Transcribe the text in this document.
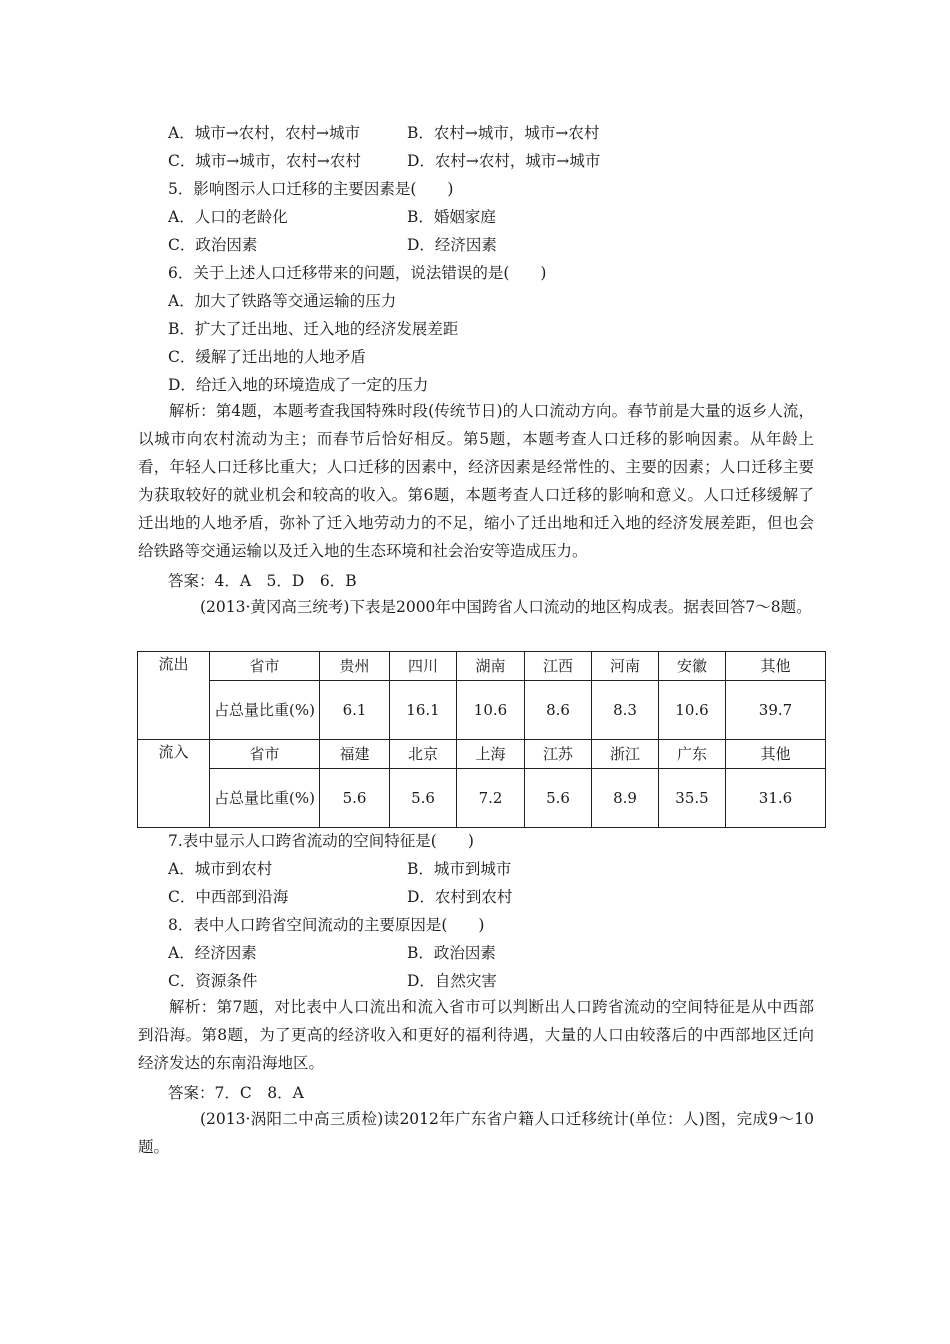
A．城市→农村，农村→城市	B．农村→城市，城市→农村
C．城市→城市，农村→农村	D．农村→农村，城市→城市
5．影响图示人口迁移的主要因素是(　　)
A．人口的老龄化	B．婚姻家庭
C．政治因素	D．经济因素
6．关于上述人口迁移带来的问题，说法错误的是(　　)
A．加大了铁路等交通运输的压力
B．扩大了迁出地、迁入地的经济发展差距
C．缓解了迁出地的人地矛盾
D．给迁入地的环境造成了一定的压力
解析：第4题，本题考查我国特殊时段(传统节日)的人口流动方向。春节前是大量的返乡人流，以城市向农村流动为主；而春节后恰好相反。第5题，本题考查人口迁移的影响因素。从年龄上看，年轻人口迁移比重大；人口迁移的因素中，经济因素是经常性的、主要的因素；人口迁移主要为获取较好的就业机会和较高的收入。第6题，本题考查人口迁移的影响和意义。人口迁移缓解了迁出地的人地矛盾，弥补了迁入地劳动力的不足，缩小了迁出地和迁入地的经济发展差距，但也会给铁路等交通运输以及迁入地的生态环境和社会治安等造成压力。
答案：4．A　5．D　6．B
(2013·黄冈高三统考)下表是2000年中国跨省人口流动的地区构成表。据表回答7～8题。
流出	省市	贵州	四川	湖南	江西	河南	安徽	其他
	占总量比重(%)	6.1	16.1	10.6	8.6	8.3	10.6	39.7
流入	省市	福建	北京	上海	江苏	浙江	广东	其他
	占总量比重(%)	5.6	5.6	7.2	5.6	8.9	35.5	31.6
7.表中显示人口跨省流动的空间特征是(　　)
A．城市到农村	B．城市到城市
C．中西部到沿海	D．农村到农村
8．表中人口跨省空间流动的主要原因是(　　)
A．经济因素	B．政治因素
C．资源条件	D．自然灾害
解析：第7题，对比表中人口流出和流入省市可以判断出人口跨省流动的空间特征是从中西部到沿海。第8题，为了更高的经济收入和更好的福利待遇，大量的人口由较落后的中西部地区迁向经济发达的东南沿海地区。
答案：7．C　8．A
(2013·涡阳二中高三质检)读2012年广东省户籍人口迁移统计(单位：人)图，完成9～10题。
